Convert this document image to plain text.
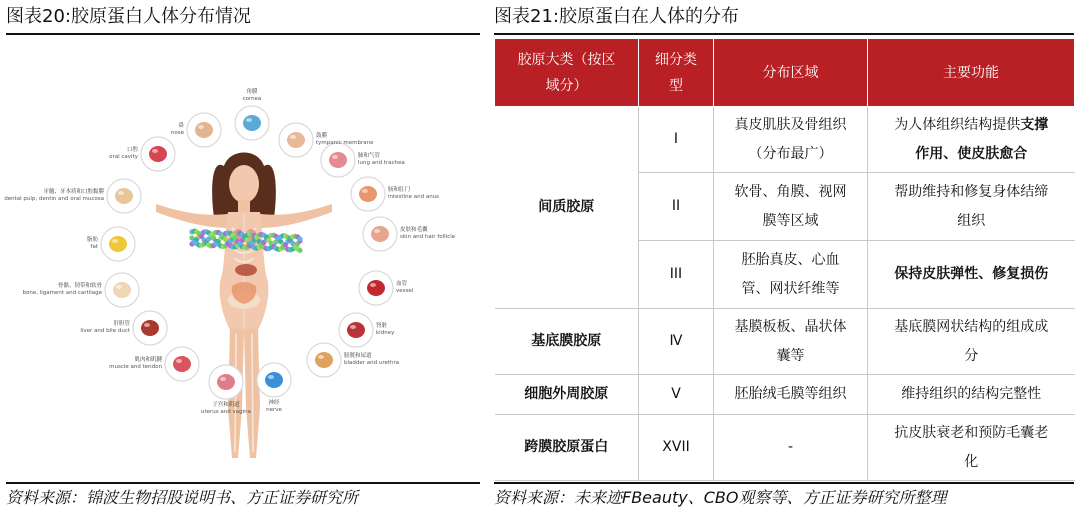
图表20:胶原蛋白人体分布情况
角膜
cornea
鼓膜
tympanic membrane
肺和气管
lung and trachea
肠和肛门
intestine and anus
皮肤和毛囊
skin and hair follicle
血管
vessel
肾脏
kidney
膀胱和尿道
bladder and urethra
神经
nerve
子宫和阴道
uterus and vagina
肌肉和肌腱
muscle and tendon
肝胆管
liver and bile duct
骨骼、韧带和软骨
bone, ligament and cartilage
脂肪
fat
牙髓、牙本质和口腔黏膜
dental pulp, dentin and oral mucosa
口腔
oral cavity
鼻
nose
资料来源：锦波生物招股说明书、方正证券研究所
图表21:胶原蛋白在人体的分布
胶原大类（按区
域分）	细分类
型	分布区域	主要功能
间质胶原	I	真皮肌肤及骨组织
（分布最广）	为人体组织结构提供支撑
作用、使皮肤愈合
	II	软骨、角膜、视网
膜等区域	帮助维持和修复身体结缔
组织
	III	胚胎真皮、心血
管、网状纤维等	保持皮肤弹性、修复损伤
基底膜胶原	Ⅳ	基膜板板、晶状体
囊等	基底膜网状结构的组成成
分
细胞外周胶原	Ⅴ	胚胎绒毛膜等组织	维持组织的结构完整性
跨膜胶原蛋白	XVII	-	抗皮肤衰老和预防毛囊老
化
资料来源：未来迹FBeauty、CBO观察等、方正证券研究所整理
